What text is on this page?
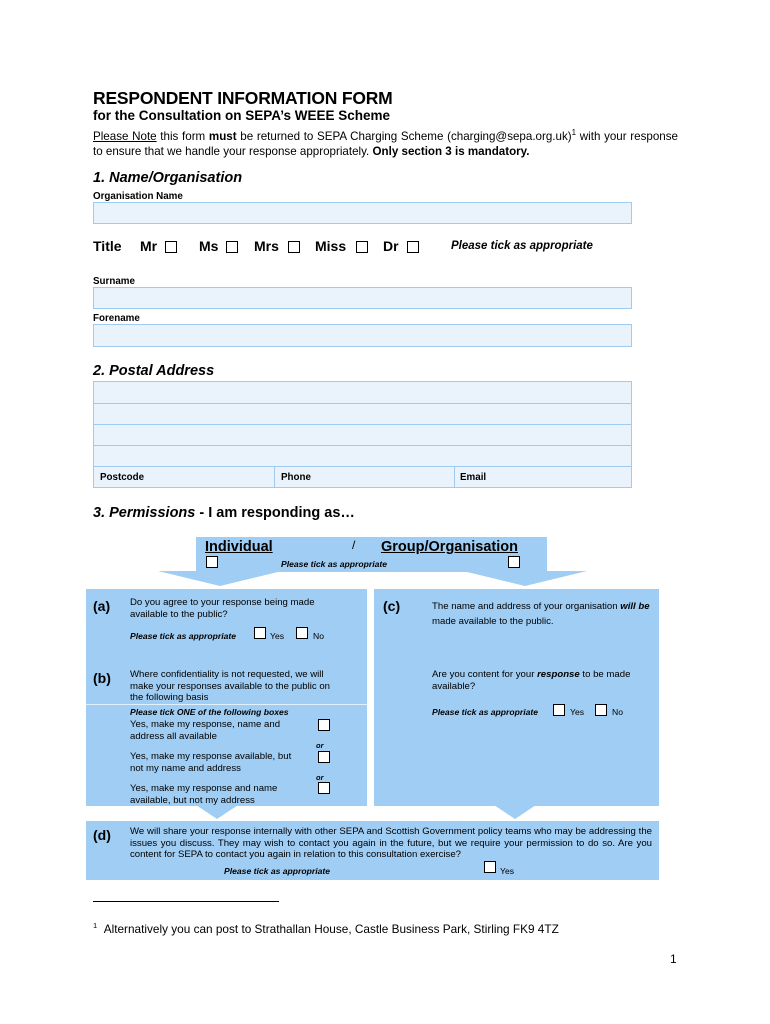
RESPONDENT INFORMATION FORM
for the Consultation on SEPA’s WEEE Scheme
Please Note this form must be returned to SEPA Charging Scheme (charging@sepa.org.uk)$^1$ with your response to ensure that we handle your response appropriately. Only section 3 is mandatory.
1. Name/Organisation
Organisation Name
Title Mr	Ms	Mrs	Miss	Dr	Please tick as appropriate
Surname
Forename
2. Postal Address
Postcode	Phone	Email
3. Permissions - I am responding as…
Individual	/ Group/Organisation
Please tick as appropriate
(a) Do you agree to your response being made available to the public?
Please tick as appropriate	Yes	No
(b) Where confidentiality is not requested, we will make your responses available to the public on the following basis
Please tick ONE of the following boxes
Yes, make my response, name and address all available
or
Yes, make my response available, but not my name and address
or
Yes, make my response and name available, but not my address
(c)	The name and address of your organisation will be made available to the public.
Are you content for your response to be made available?
Please tick as appropriate	Yes	No
(d) We will share your response internally with other SEPA and Scottish Government policy teams who may be addressing the issues you discuss. They may wish to contact you again in the future, but we require your permission to do so. Are you content for SEPA to contact you again in relation to this consultation exercise?
Please tick as appropriate	Yes
$^1$ Alternatively you can post to Strathallan House, Castle Business Park, Stirling FK9 4TZ
1
